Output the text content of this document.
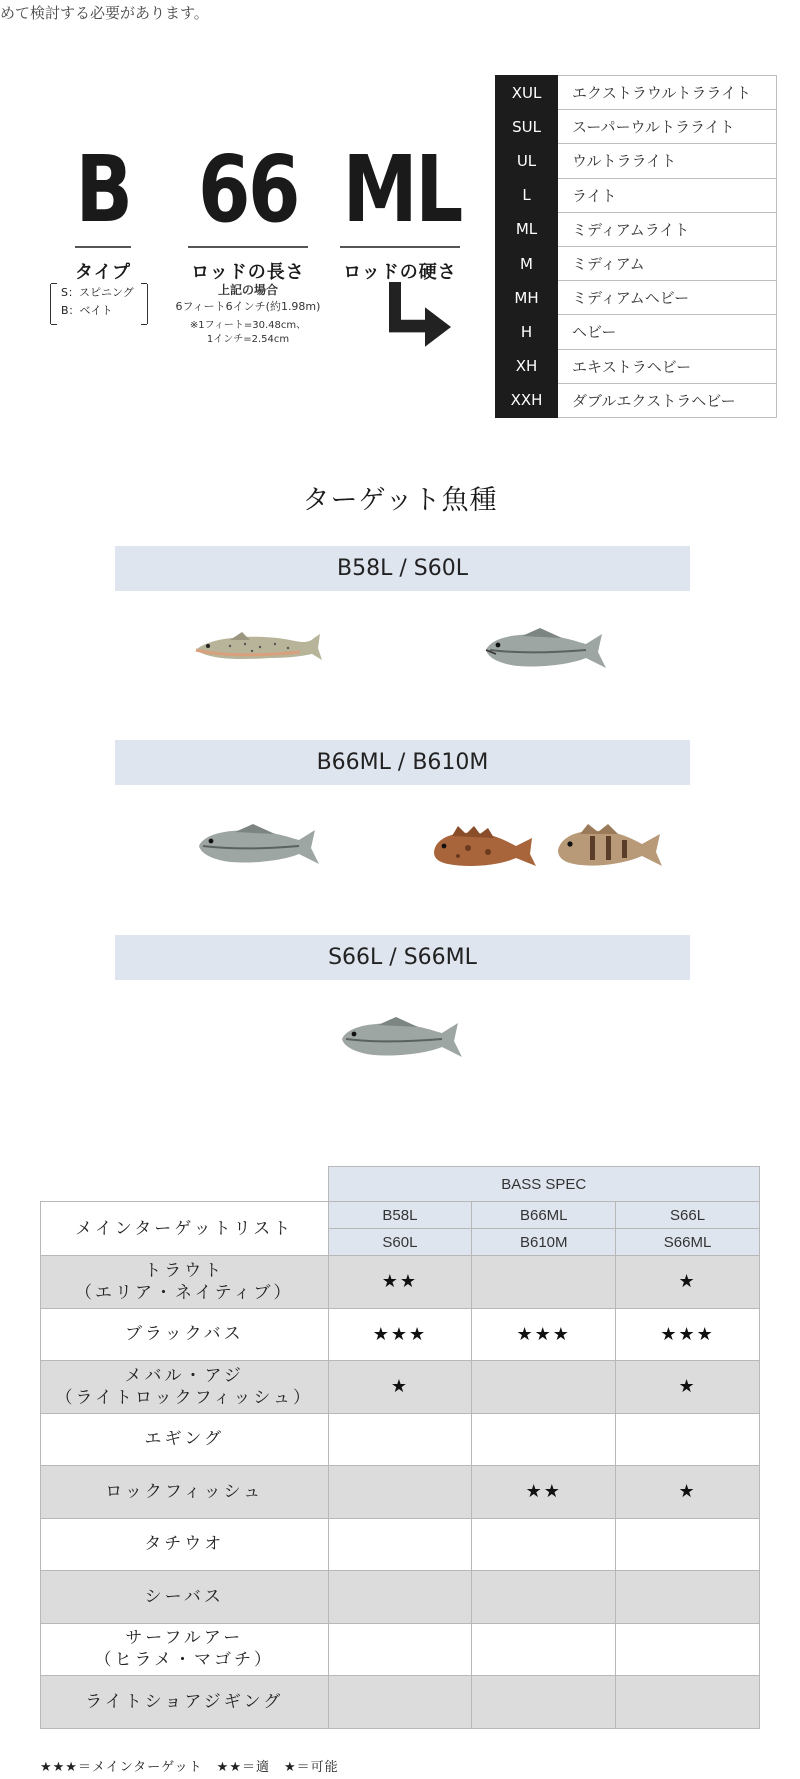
めて検討する必要があります。
B
タイプ
S：スピニング
B：ベイト
66
ロッドの長さ
上記の場合
6フィート6インチ(約1.98m)
※1フィート=30.48cm、
1インチ=2.54cm
ML
ロッドの硬さ
XUL	エクストラウルトラライト
SUL	スーパーウルトラライト
UL	ウルトラライト
L	ライト
ML	ミディアムライト
M	ミディアム
MH	ミディアムヘビー
H	ヘビー
XH	エキストラヘビー
XXH	ダブルエクストラヘビー
ターゲット魚種
B58L / S60L
B66ML / B610M
S66L / S66ML
	BASS SPEC		
メインターゲットリスト	B58L	B66ML	S66L
	S60L	B610M	S66ML

トラウト
（エリア・ネイティブ）	★★		★

ブラックバス	★★★	★★★	★★★

メバル・アジ
（ライトロックフィッシュ）	★		★

エギング			

ロックフィッシュ		★★	★

タチウオ			

シーバス			

サーフルアー
（ヒラメ・マゴチ）			

ライトショアジギング			

★★★＝メインターゲット　★★＝適　★＝可能
